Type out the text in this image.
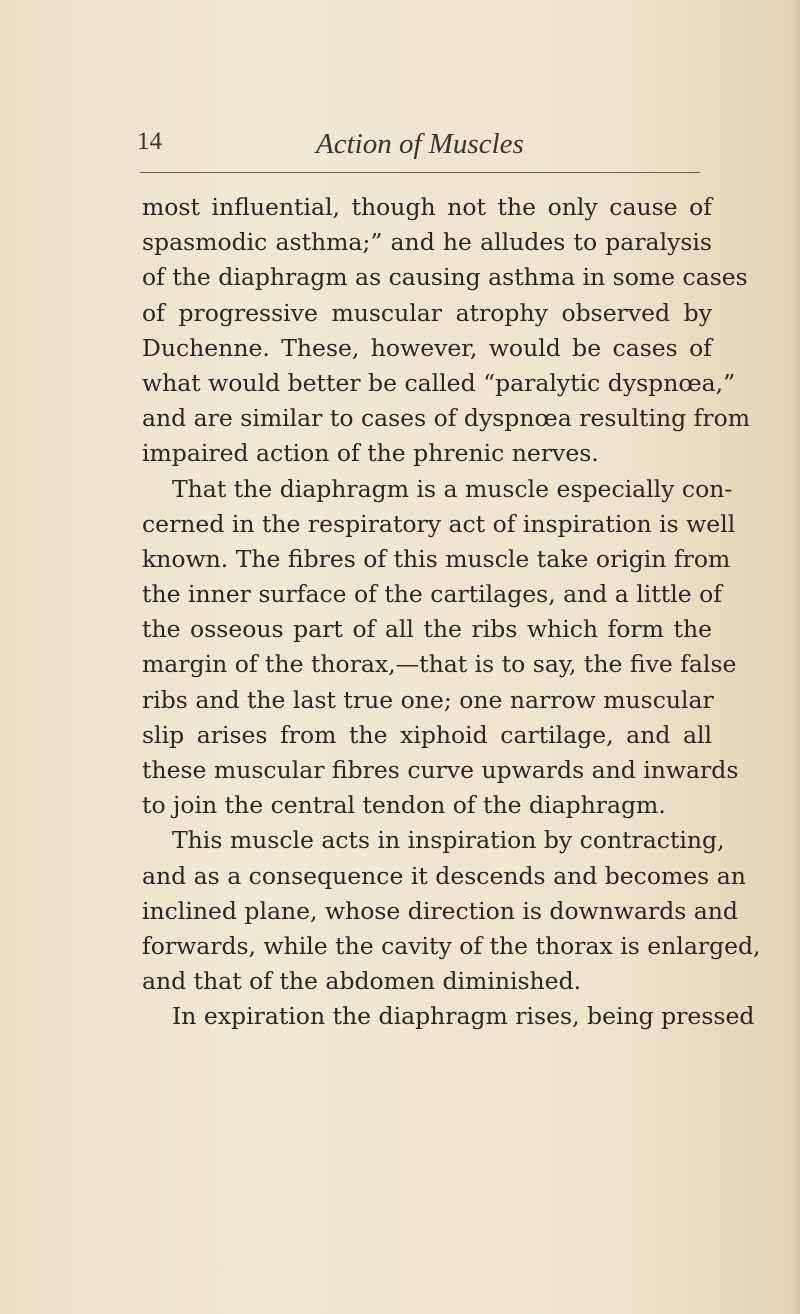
14	Action of Muscles
most influential, though not the only cause of
spasmodic asthma;” and he alludes to paralysis
of the diaphragm as causing asthma in some cases
of progressive muscular atrophy observed by
Duchenne. These, however, would be cases of
what would better be called “paralytic dyspnœa,”
and are similar to cases of dyspnœa resulting from
impaired action of the phrenic nerves.
That the diaphragm is a muscle especially con-
cerned in the respiratory act of inspiration is well
known. The fibres of this muscle take origin from
the inner surface of the cartilages, and a little of
the osseous part of all the ribs which form the
margin of the thorax,—that is to say, the five false
ribs and the last true one; one narrow muscular
slip arises from the xiphoid cartilage, and all
these muscular fibres curve upwards and inwards
to join the central tendon of the diaphragm.
This muscle acts in inspiration by contracting,
and as a consequence it descends and becomes an
inclined plane, whose direction is downwards and
forwards, while the cavity of the thorax is enlarged,
and that of the abdomen diminished.
In expiration the diaphragm rises, being pressed
